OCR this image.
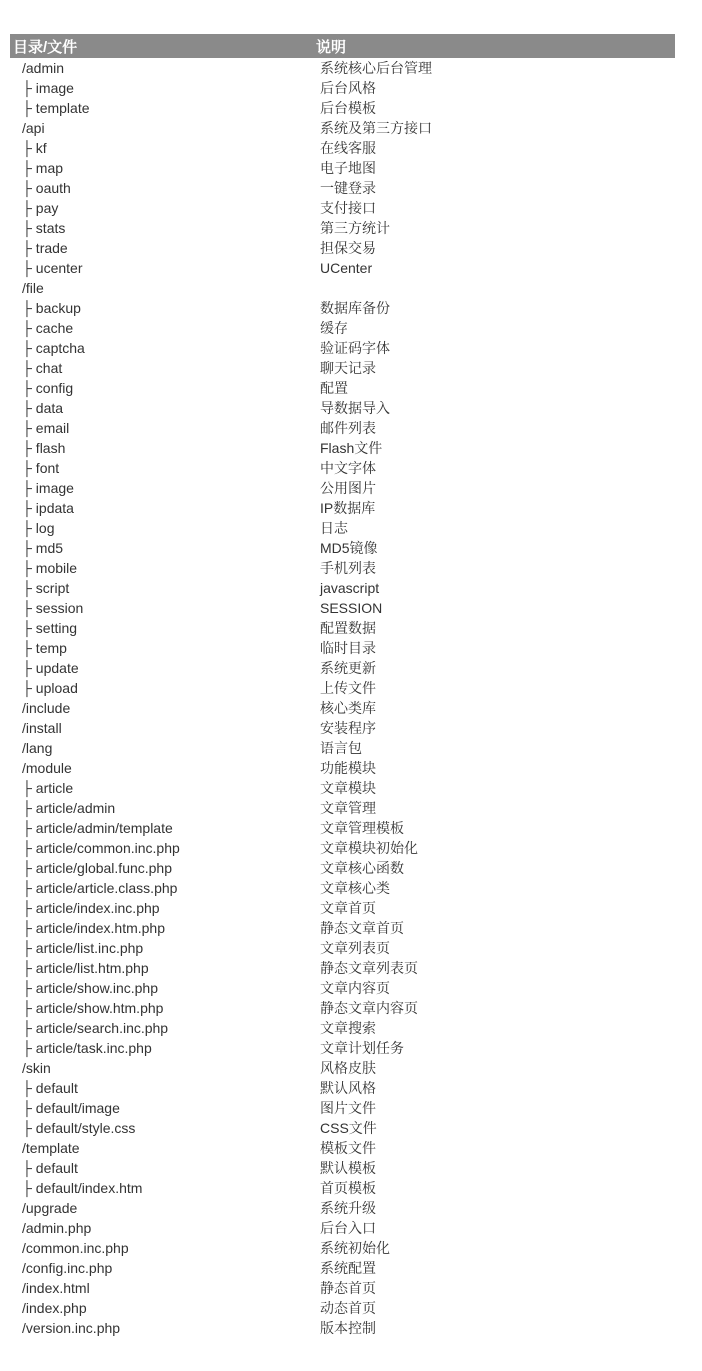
目录/文件	说明
/admin	系统核心后台管理
├ image	后台风格
├ template	后台模板
/api	系统及第三方接口
├ kf	在线客服
├ map	电子地图
├ oauth	一键登录
├ pay	支付接口
├ stats	第三方统计
├ trade	担保交易
├ ucenter	UCenter
/file	
├ backup	数据库备份
├ cache	缓存
├ captcha	验证码字体
├ chat	聊天记录
├ config	配置
├ data	导数据导入
├ email	邮件列表
├ flash	Flash文件
├ font	中文字体
├ image	公用图片
├ ipdata	IP数据库
├ log	日志
├ md5	MD5镜像
├ mobile	手机列表
├ script	javascript
├ session	SESSION
├ setting	配置数据
├ temp	临时目录
├ update	系统更新
├ upload	上传文件
/include	核心类库
/install	安装程序
/lang	语言包
/module	功能模块
├ article	文章模块
├ article/admin	文章管理
├ article/admin/template	文章管理模板
├ article/common.inc.php	文章模块初始化
├ article/global.func.php	文章核心函数
├ article/article.class.php	文章核心类
├ article/index.inc.php	文章首页
├ article/index.htm.php	静态文章首页
├ article/list.inc.php	文章列表页
├ article/list.htm.php	静态文章列表页
├ article/show.inc.php	文章内容页
├ article/show.htm.php	静态文章内容页
├ article/search.inc.php	文章搜索
├ article/task.inc.php	文章计划任务
/skin	风格皮肤
├ default	默认风格
├ default/image	图片文件
├ default/style.css	CSS文件
/template	模板文件
├ default	默认模板
├ default/index.htm	首页模板
/upgrade	系统升级
/admin.php	后台入口
/common.inc.php	系统初始化
/config.inc.php	系统配置
/index.html	静态首页
/index.php	动态首页
/version.inc.php	版本控制
